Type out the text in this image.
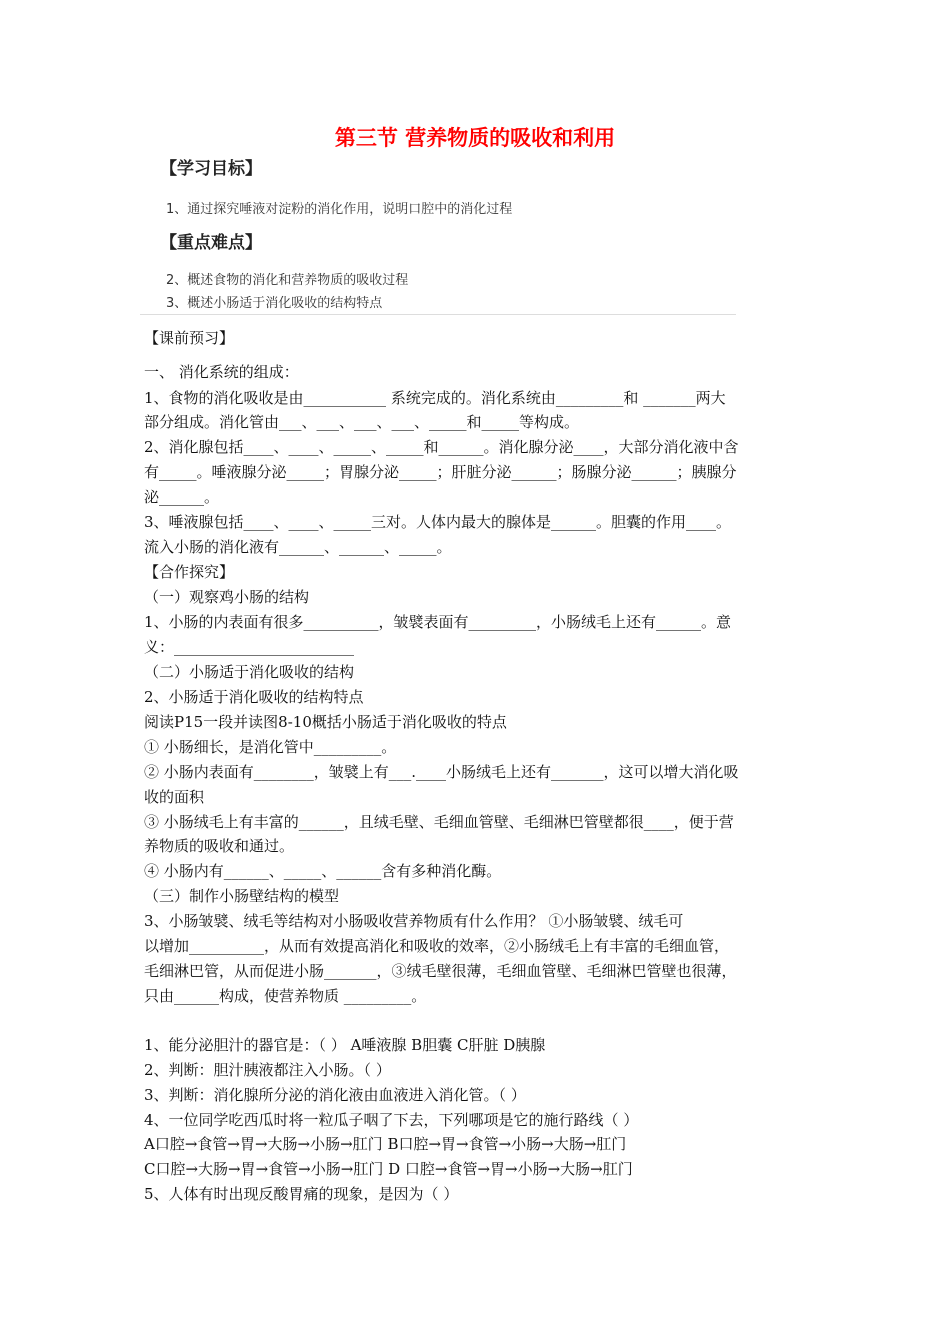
第三节 营养物质的吸收和利用
【学习目标】
1、通过探究唾液对淀粉的消化作用，说明口腔中的消化过程
【重点难点】
2、概述食物的消化和营养物质的吸收过程
3、概述小肠适于消化吸收的结构特点
【课前预习】
一、 消化系统的组成：
1、食物的消化吸收是由___________ 系统完成的。消化系统由_________和 _______两大
部分组成。消化管由___、___、___、___、_____和_____等构成。
2、消化腺包括____、____、_____、_____和______。消化腺分泌____，大部分消化液中含
有_____。唾液腺分泌_____；胃腺分泌_____；肝脏分泌______；肠腺分泌______；胰腺分
泌______。
3、唾液腺包括____、____、_____三对。人体内最大的腺体是______。胆囊的作用____。
流入小肠的消化液有______、______、_____。
【合作探究】
（一）观察鸡小肠的结构
1、小肠的内表面有很多__________，皱襞表面有_________，小肠绒毛上还有______。意
义：________________________
（二）小肠适于消化吸收的结构
2、小肠适于消化吸收的结构特点
阅读P15一段并读图8-10概括小肠适于消化吸收的特点
① 小肠细长，是消化管中_________。
② 小肠内表面有________，皱襞上有___.____小肠绒毛上还有_______，这可以增大消化吸
收的面积
③ 小肠绒毛上有丰富的______，且绒毛壁、毛细血管壁、毛细淋巴管壁都很____，便于营
养物质的吸收和通过。
④ 小肠内有______、_____、______含有多种消化酶。
（三）制作小肠壁结构的模型
3、小肠皱襞、绒毛等结构对小肠吸收营养物质有什么作用？ ①小肠皱襞、绒毛可
以增加__________，从而有效提高消化和吸收的效率，②小肠绒毛上有丰富的毛细血管，
毛细淋巴管，从而促进小肠_______，③绒毛壁很薄，毛细血管壁、毛细淋巴管壁也很薄，
只由______构成，使营养物质 _________。
1、能分泌胆汁的器官是：（ ） A唾液腺 B胆囊 C肝脏 D胰腺
2、判断：胆汁胰液都注入小肠。（ ）
3、判断：消化腺所分泌的消化液由血液进入消化管。（ ）
4、一位同学吃西瓜时将一粒瓜子咽了下去，下列哪项是它的施行路线（ ）
A口腔→食管→胃→大肠→小肠→肛门 B口腔→胃→食管→小肠→大肠→肛门
C口腔→大肠→胃→食管→小肠→肛门 D 口腔→食管→胃→小肠→大肠→肛门
5、人体有时出现反酸胃痛的现象，是因为（ ）
